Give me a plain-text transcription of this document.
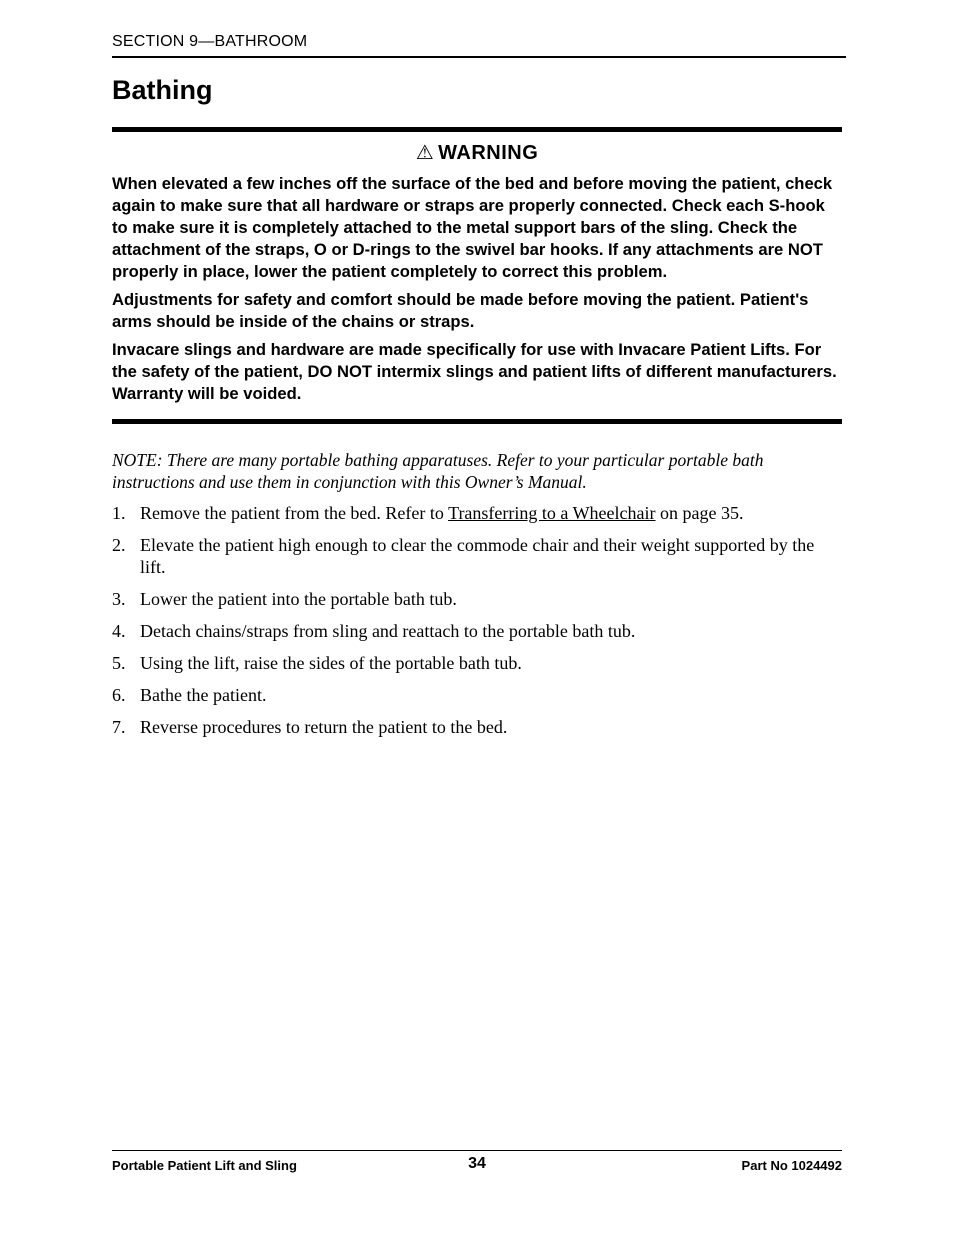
SECTION 9—BATHROOM
Bathing
⚠ WARNING

When elevated a few inches off the surface of the bed and before moving the patient, check again to make sure that all hardware or straps are properly connected. Check each S-hook to make sure it is completely attached to the metal support bars of the sling. Check the attachment of the straps, O or D-rings to the swivel bar hooks. If any attachments are NOT properly in place, lower the patient completely to correct this problem.

Adjustments for safety and comfort should be made before moving the patient. Patient's arms should be inside of the chains or straps.

Invacare slings and hardware are made specifically for use with Invacare Patient Lifts. For the safety of the patient, DO NOT intermix slings and patient lifts of different manufacturers. Warranty will be voided.

NOTE: There are many portable bathing apparatuses. Refer to your particular portable bath instructions and use them in conjunction with this Owner’s Manual.
1. Remove the patient from the bed. Refer to Transferring to a Wheelchair on page 35.
2. Elevate the patient high enough to clear the commode chair and their weight supported by the lift.
3. Lower the patient into the portable bath tub.
4. Detach chains/straps from sling and reattach to the portable bath tub.
5. Using the lift, raise the sides of the portable bath tub.
6. Bathe the patient.
7. Reverse procedures to return the patient to the bed.
Portable Patient Lift and Sling	34	Part No 1024492
